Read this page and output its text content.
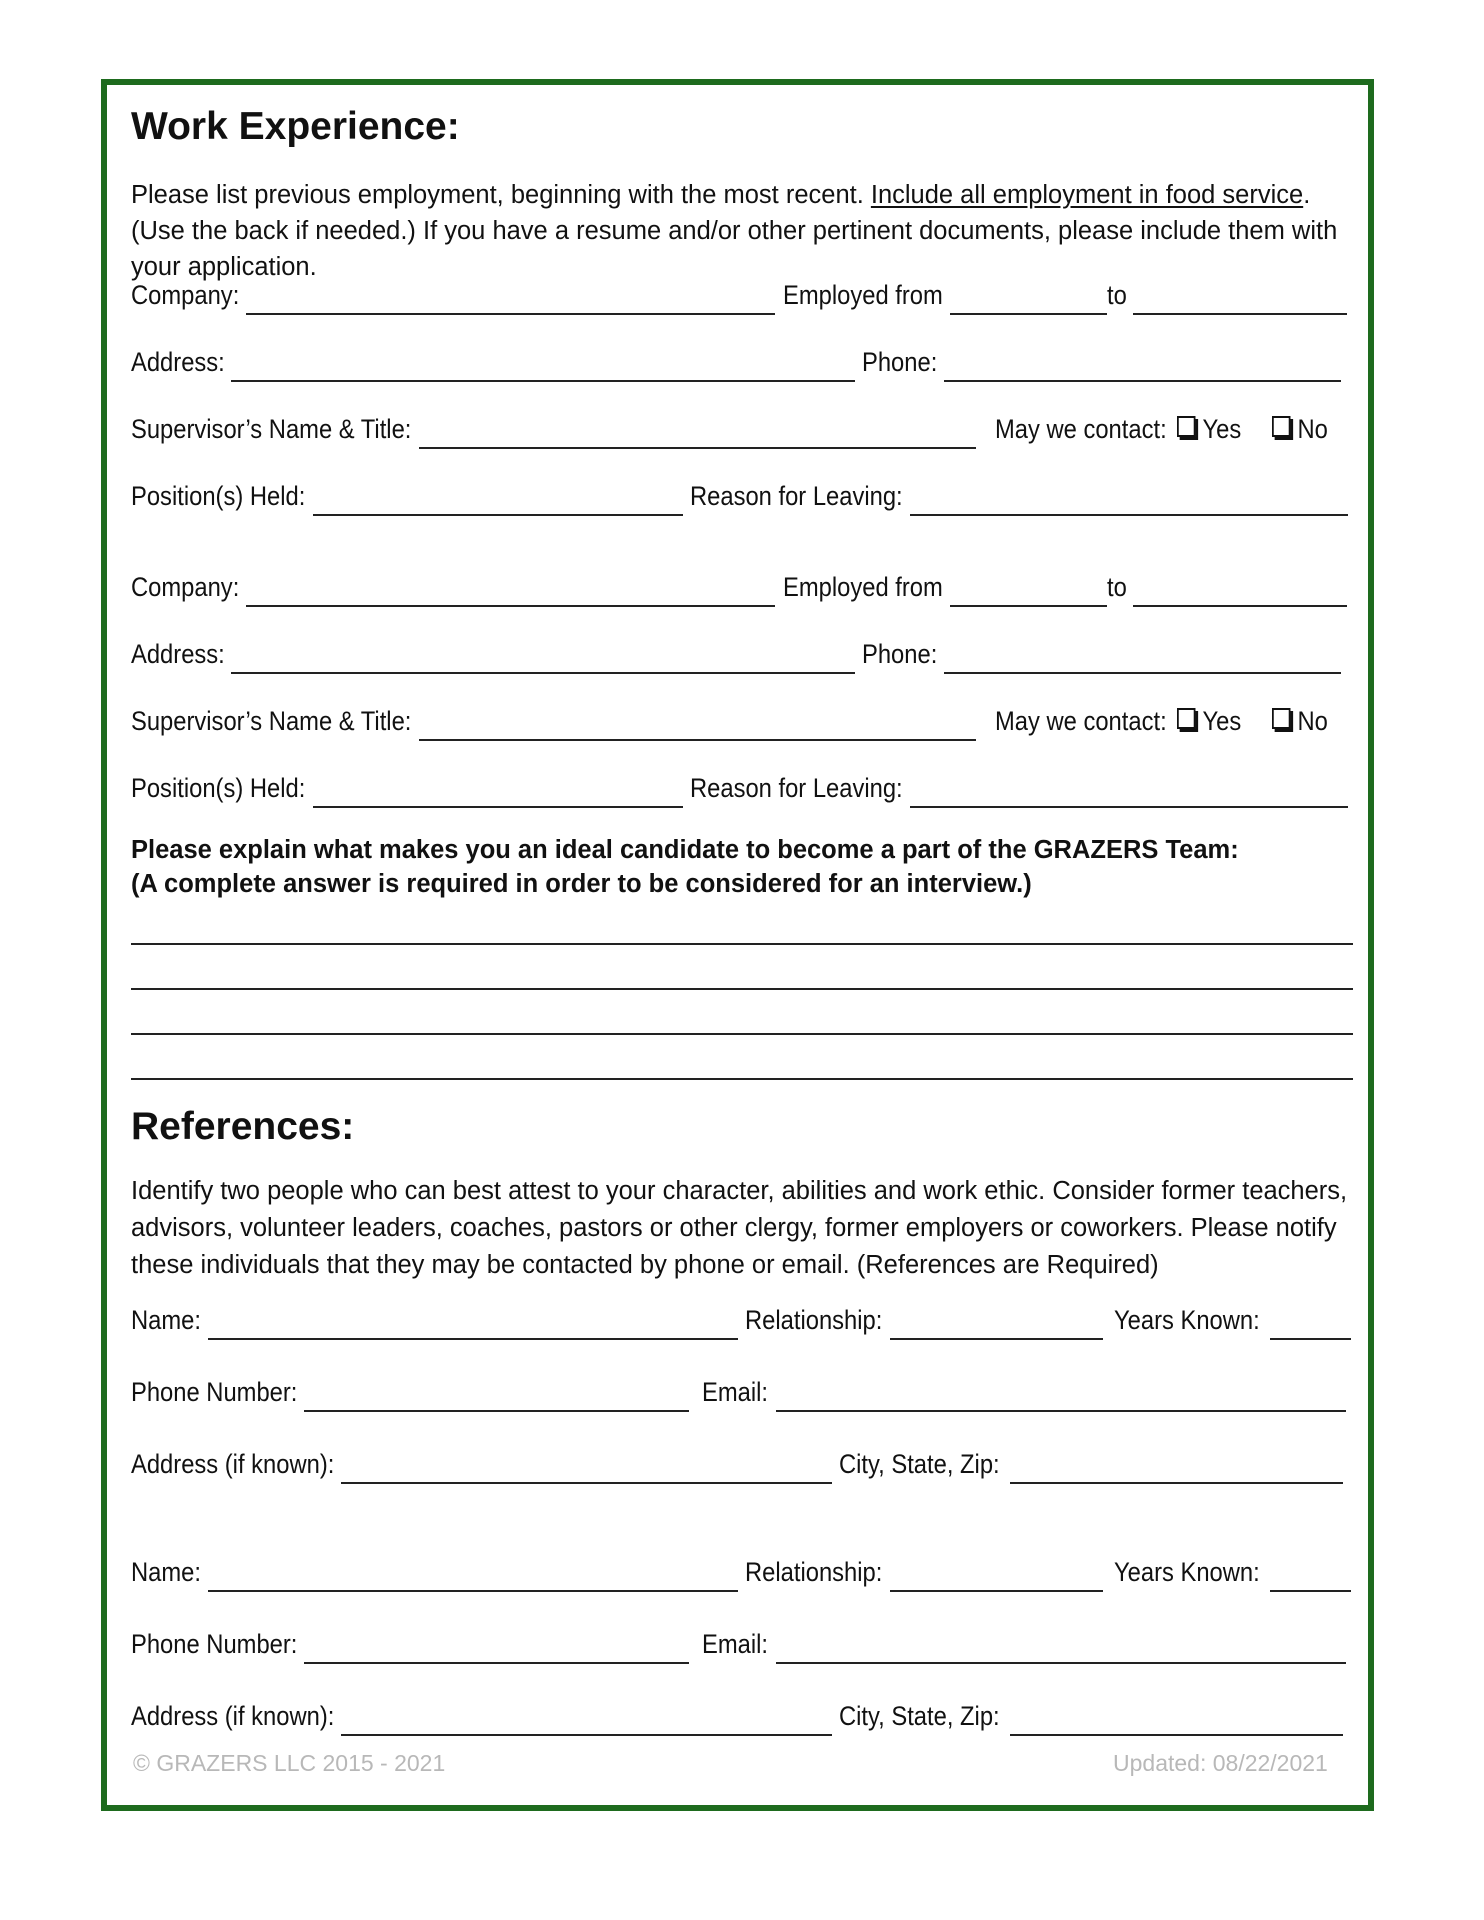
Work Experience:
Please list previous employment, beginning with the most recent. Include all employment in food service. (Use the back if needed.) If you have a resume and/or other pertinent documents, please include them with your application.
Company:	Employed from	to
Address:	Phone:
Supervisor’s Name & Title:	May we contact:	Yes	No
Position(s) Held:	Reason for Leaving:
Company:	Employed from	to
Address:	Phone:
Supervisor’s Name & Title:	May we contact:	Yes	No
Position(s) Held:	Reason for Leaving:
Please explain what makes you an ideal candidate to become a part of the GRAZERS Team:
(A complete answer is required in order to be considered for an interview.)
References:
Identify two people who can best attest to your character, abilities and work ethic. Consider former teachers, advisors, volunteer leaders, coaches, pastors or other clergy, former employers or coworkers. Please notify these individuals that they may be contacted by phone or email. (References are Required)
Name:	Relationship:	Years Known:
Phone Number:	Email:
Address (if known):	City, State, Zip:
Name:	Relationship:	Years Known:
Phone Number:	Email:
Address (if known):	City, State, Zip:
© GRAZERS LLC 2015 - 2021	Updated: 08/22/2021
